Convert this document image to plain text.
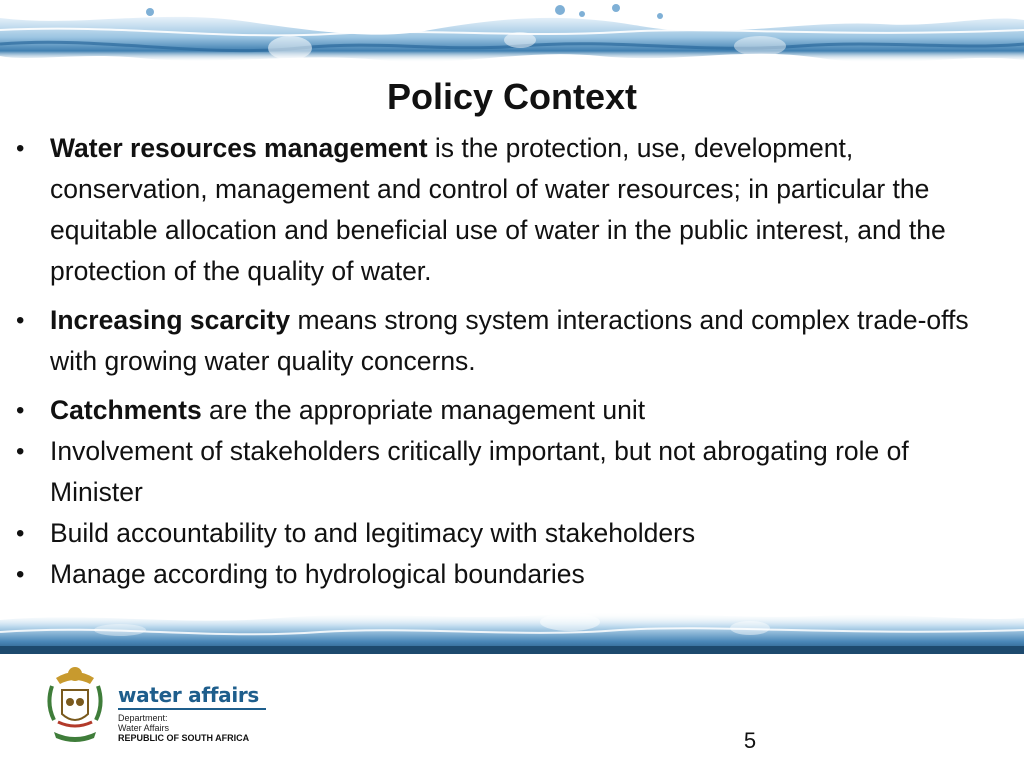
Policy Context
• Water resources management is the protection, use, development, conservation, management and control of water resources; in particular the equitable allocation and beneficial use of water in the public interest, and the protection of the quality of water.
• Increasing scarcity means strong system interactions and complex trade-offs with growing water quality concerns.
• Catchments are the appropriate management unit
• Involvement of stakeholders critically important, but not abrogating role of Minister
• Build accountability to and legitimacy with stakeholders
• Manage according to hydrological boundaries
water affairs
Department:
Water Affairs
REPUBLIC OF SOUTH AFRICA	5
